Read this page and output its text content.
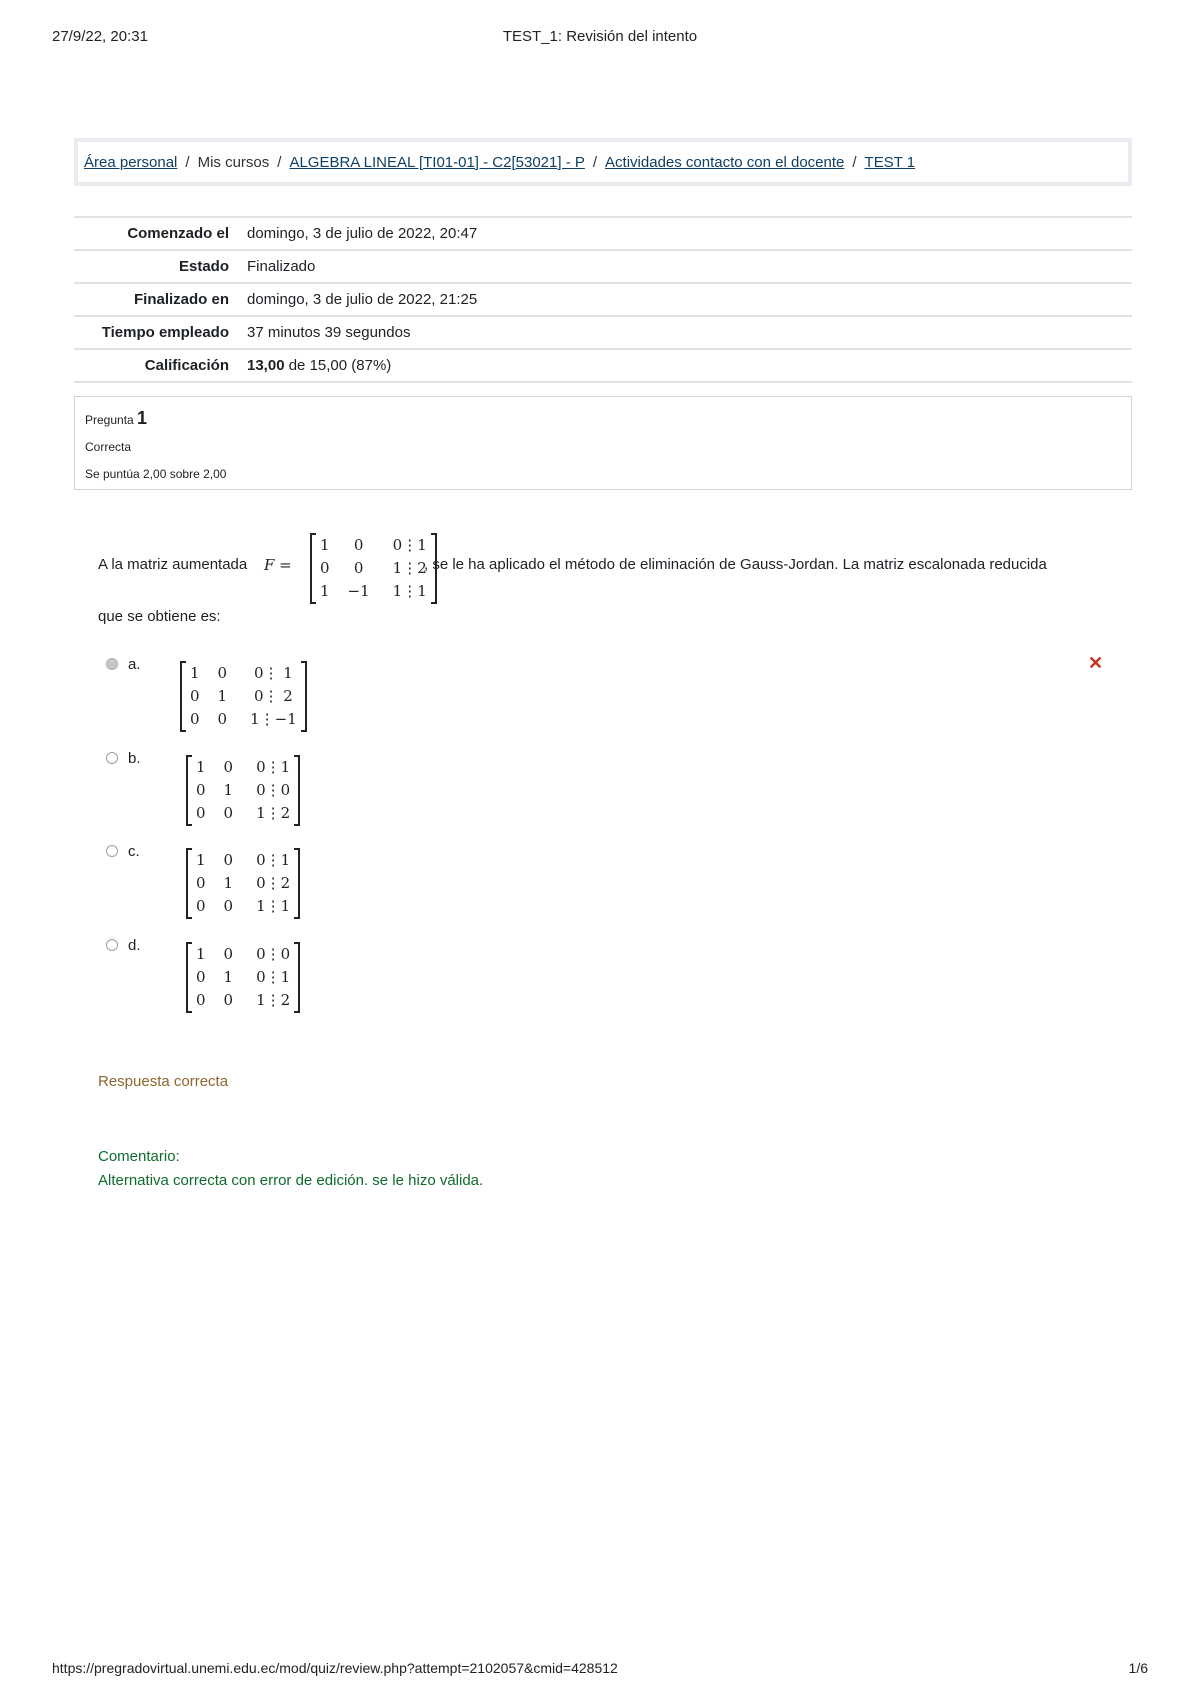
27/9/22, 20:31	TEST_1: Revisión del intento
Área personal / Mis cursos / ALGEBRA LINEAL [TI01-01] - C2[53021] - P / Actividades contacto con el docente / TEST 1
Comenzado el	domingo, 3 de julio de 2022, 20:47
Estado	Finalizado
Finalizado en	domingo, 3 de julio de 2022, 21:25
Tiempo empleado	37 minutos 39 segundos
Calificación	13,00 de 15,00 (87%)
Pregunta 1
Correcta
Se puntúa 2,00 sobre 2,00
A la matriz aumentada F =
1	0	0⋮1
0	0	1⋮2
1	−1	1⋮1
, se le ha aplicado el método de eliminación de Gauss-Jordan. La matriz escalonada reducida
que se obtiene es:
a.	1	0	0⋮ 1
0	1	0⋮ 2
0	0	1⋮−1
✕
b.	1	0	0⋮1
0	1	0⋮0
0	0	1⋮2
c.	1	0	0⋮1
0	1	0⋮2
0	0	1⋮1
d.	1	0	0⋮0
0	1	0⋮1
0	0	1⋮2
Respuesta correcta
Comentario:
Alternativa correcta con error de edición. se le hizo válida.
https://pregradovirtual.unemi.edu.ec/mod/quiz/review.php?attempt=2102057&cmid=428512	1/6
